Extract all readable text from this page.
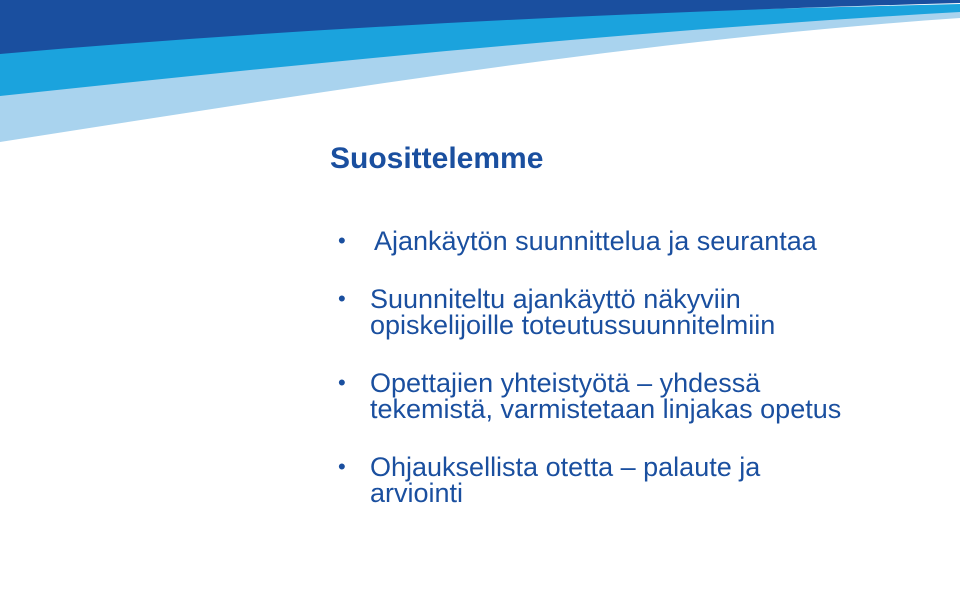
Suosittelemme
• Ajankäytön suunnittelua ja seurantaa
• Suunniteltu ajankäyttö näkyviin opiskelijoille toteutussuunnitelmiin
• Opettajien yhteistyötä – yhdessä tekemistä, varmistetaan linjakas opetus
• Ohjauksellista otetta – palaute ja arviointi
